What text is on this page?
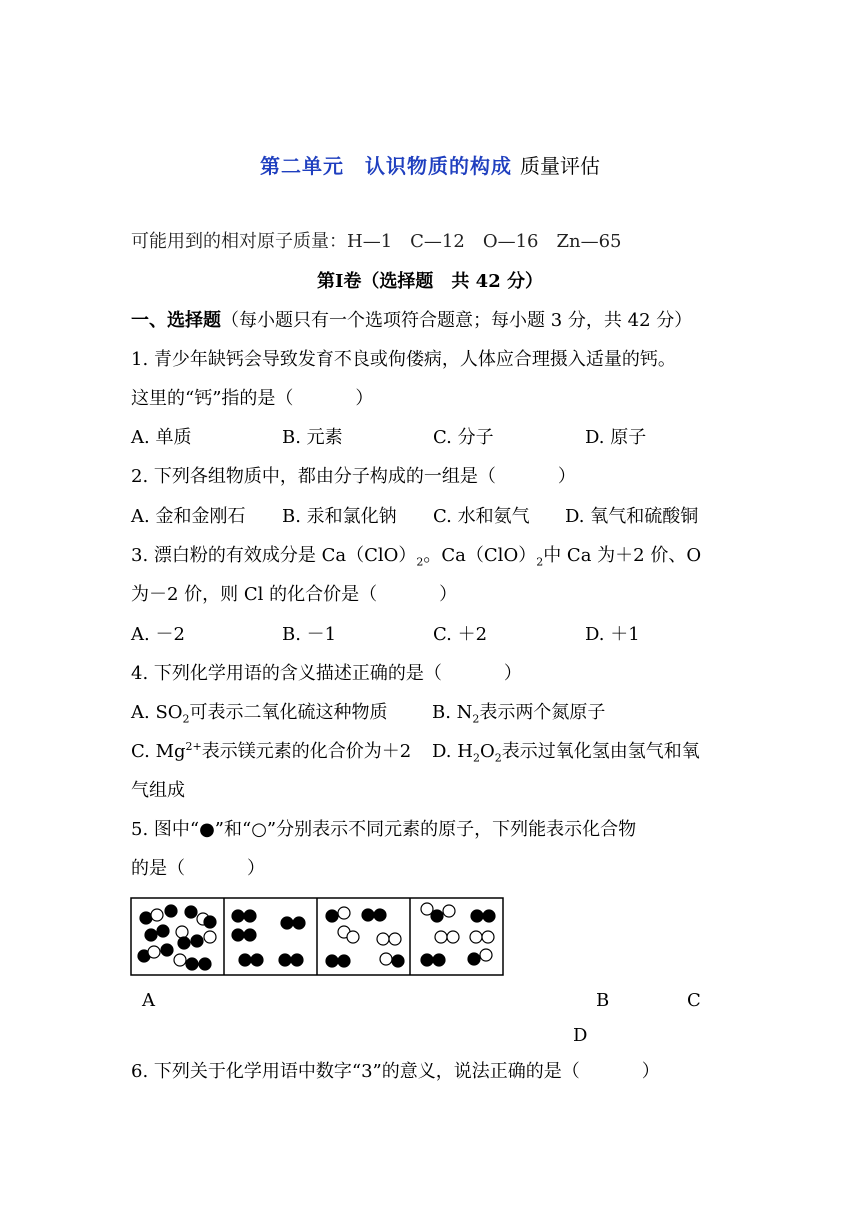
第二单元　认识物质的构成 质量评估
可能用到的相对原子质量：H—1　C—12　O—16　Zn—65
第Ⅰ卷（选择题　共 42 分）
一、选择题（每小题只有一个选项符合题意；每小题 3 分，共 42 分）
1. 青少年缺钙会导致发育不良或佝偻病，人体应合理摄入适量的钙。
这里的“钙”指的是（	）
A. 单质	B. 元素	C. 分子	D. 原子
2. 下列各组物质中，都由分子构成的一组是（	）
A. 金和金刚石 B. 汞和氯化钠 C. 水和氨气 D. 氧气和硫酸铜
3. 漂白粉的有效成分是 $Ca(ClO)_2$。$Ca(ClO)_2$中 Ca 为＋2 价、O
为－2 价，则 Cl 的化合价是（	）
A. －2	B. －1	C. ＋2	D. ＋1
4. 下列化学用语的含义描述正确的是（	）
A. $SO_2$可表示二氧化硫这种物质 B. $N_2$表示两个氮原子
C. $Mg^{2+}$表示镁元素的化合价为＋2 D. $H_2O_2$表示过氧化氢由氢气和氧
气组成
5. 图中“●”和“○”分别表示不同元素的原子，下列能表示化合物
的是（	）
A	B	C
D
6. 下列关于化学用语中数字“3”的意义，说法正确的是（	）
